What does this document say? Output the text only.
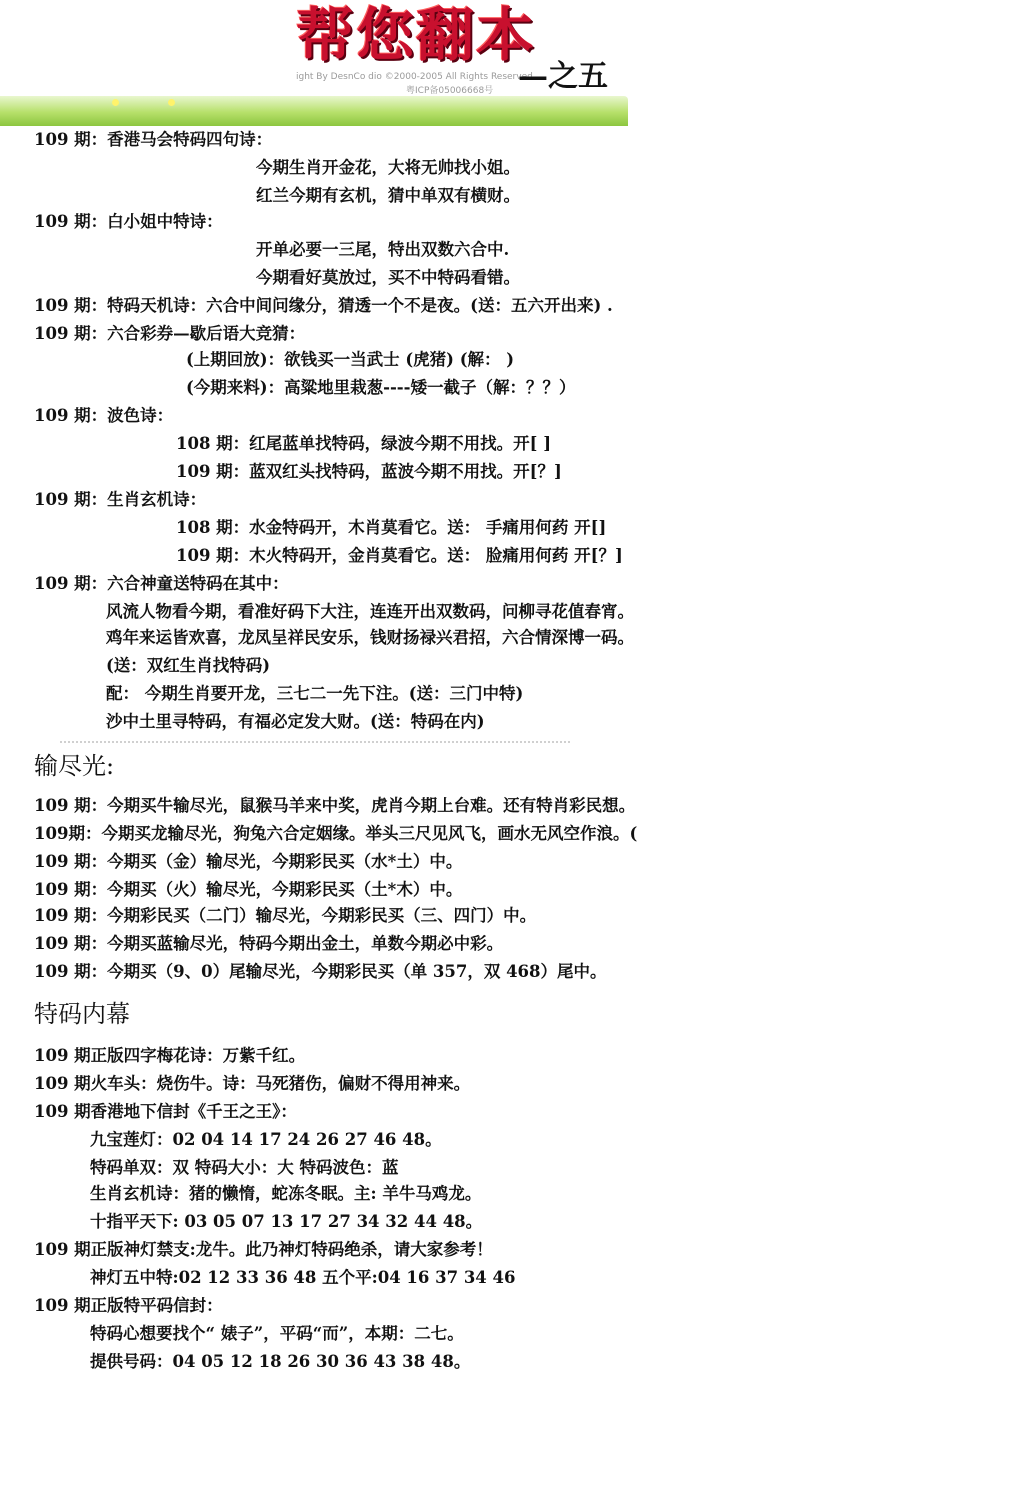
ight By DesnCo dio ©2000-2005 All Rights Reserved.
粤ICP备05006668号
帮您翻本
—之五

109 期：香港马会特码四句诗：

今期生肖开金花，大将无帅找小姐。

红兰今期有玄机，猜中单双有横财。

109 期：白小姐中特诗：

开单必要一三尾，特出双数六合中.

今期看好莫放过，买不中特码看错。

109 期：特码天机诗：六合中间问缘分，猜透一个不是夜。(送：五六开出来) .

109 期：六合彩券—歇后语大竞猜：

(上期回放)：欲钱买一当武士 (虎猪) (解： )

(今期来料)：高粱地里栽葱----矮一截子（解：？？）

109 期：波色诗：

108 期：红尾蓝单找特码，绿波今期不用找。开[ ]

109 期：蓝双红头找特码，蓝波今期不用找。开[？]

109 期：生肖玄机诗：

108 期：水金特码开，木肖莫看它。送： 手痛用何药 开[]

109 期：木火特码开，金肖莫看它。送： 脸痛用何药 开[？]

109 期：六合神童送特码在其中：

风流人物看今期，看准好码下大注，连连开出双数码，问柳寻花值春宵。

鸡年来运皆欢喜，龙凤呈祥民安乐，钱财扬禄兴君招，六合情深博一码。

(送：双红生肖找特码)

配： 今期生肖要开龙，三七二一先下注。(送：三门中特)

沙中土里寻特码，有福必定发大财。(送：特码在内)

输尽光:

109 期：今期买牛输尽光，鼠猴马羊来中奖，虎肖今期上台难。还有特肖彩民想。

109期：今期买龙输尽光，狗兔六合定姻缘。举头三尺见风飞，画水无风空作浪。(

109 期：今期买（金）输尽光，今期彩民买（水*土）中。

109 期：今期买（火）输尽光，今期彩民买（土*木）中。

109 期：今期彩民买（二门）输尽光，今期彩民买（三、四门）中。

109 期：今期买蓝输尽光，特码今期出金土，单数今期必中彩。

109 期：今期买（9、0）尾输尽光，今期彩民买（单 357，双 468）尾中。

特码内幕

109 期正版四字梅花诗：万紫千红。

109 期火车头：烧伤牛。诗：马死猪伤，偏财不得用神来。

109 期香港地下信封《千王之王》：

九宝莲灯：02 04 14 17 24 26 27 46 48。

特码单双：双 特码大小：大 特码波色：蓝

生肖玄机诗：猪的懒惰，蛇冻冬眠。主: 羊牛马鸡龙。

十指平天下: 03 05 07 13 17 27 34 32 44 48。

109 期正版神灯禁支:龙牛。此乃神灯特码绝杀，请大家参考！

神灯五中特:02 12 33 36 48 五个平:04 16 37 34 46

109 期正版特平码信封：

特码心想要找个“ 婊子”，平码“而”，本期：二七。

提供号码：04 05 12 18 26 30 36 43 38 48。
